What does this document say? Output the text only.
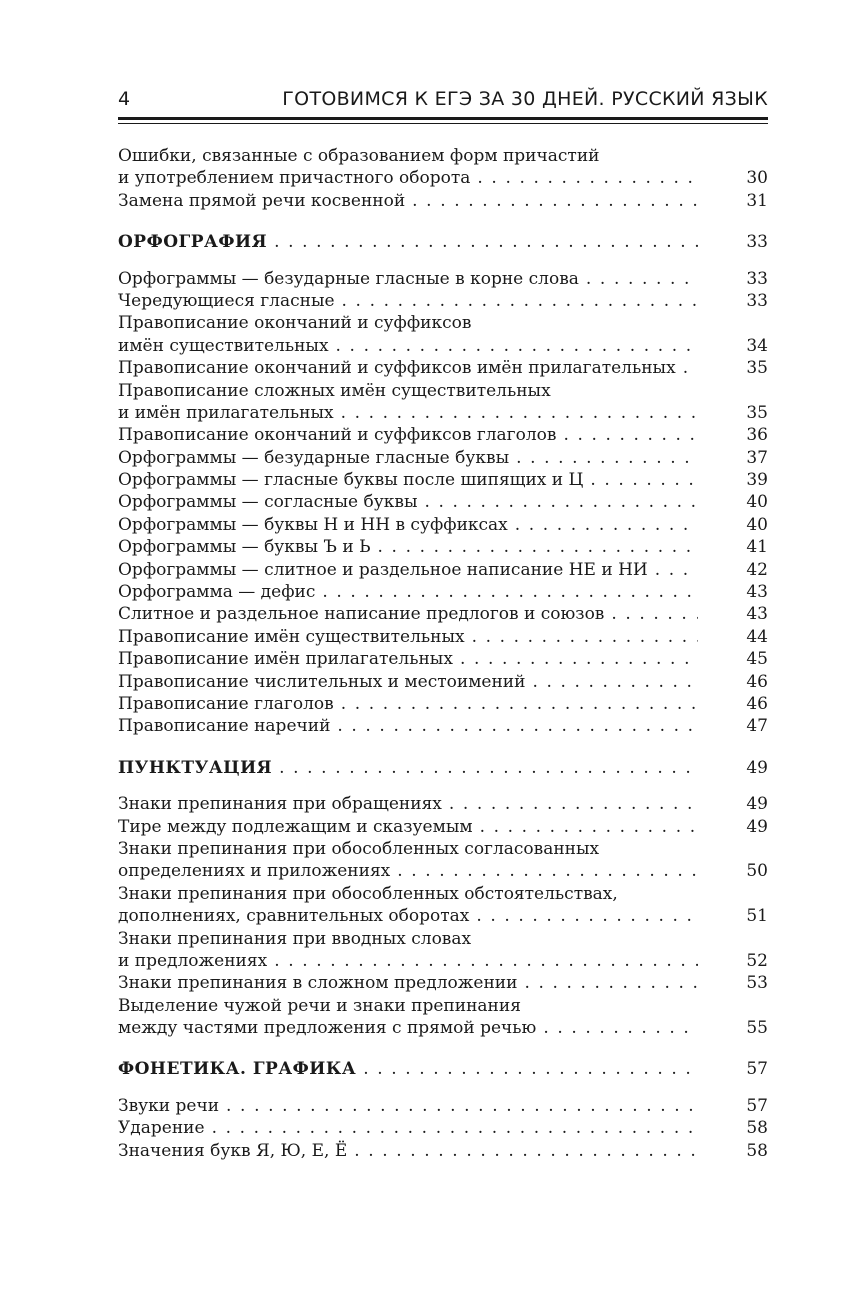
4	ГОТОВИМСЯ К ЕГЭ ЗА 30 ДНЕЙ. РУССКИЙ ЯЗЫК
Ошибки, связанные с образованием форм причастий
и употреблением причастного оборота . . .	30
Замена прямой речи косвенной . . .	31
ОРФОГРАФИЯ . . .	33
Орфограммы — безударные гласные в корне слова . . .	33
Чередующиеся гласные . . .	33
Правописание окончаний и суффиксов
имён существительных . . .	34
Правописание окончаний и суффиксов имён прилагательных . . .	35
Правописание сложных имён существительных
и имён прилагательных . . .	35
Правописание окончаний и суффиксов глаголов . . .	36
Орфограммы — безударные гласные буквы . . .	37
Орфограммы — гласные буквы после шипящих и Ц . . .	39
Орфограммы — согласные буквы . . .	40
Орфограммы — буквы Н и НН в суффиксах . . .	40
Орфограммы — буквы Ъ и Ь . . .	41
Орфограммы — слитное и раздельное написание НЕ и НИ . . .	42
Орфограмма — дефис . . .	43
Слитное и раздельное написание предлогов и союзов . . .	43
Правописание имён существительных . . .	44
Правописание имён прилагательных . . .	45
Правописание числительных и местоимений . . .	46
Правописание глаголов . . .	46
Правописание наречий . . .	47
ПУНКТУАЦИЯ . . .	49
Знаки препинания при обращениях . . .	49
Тире между подлежащим и сказуемым . . .	49
Знаки препинания при обособленных согласованных
определениях и приложениях . . .	50
Знаки препинания при обособленных обстоятельствах,
дополнениях, сравнительных оборотах . . .	51
Знаки препинания при вводных словах
и предложениях . . .	52
Знаки препинания в сложном предложении . . .	53
Выделение чужой речи и знаки препинания
между частями предложения с прямой речью . . .	55
ФОНЕТИКА. ГРАФИКА . . .	57
Звуки речи . . .	57
Ударение . . .	58
Значения букв Я, Ю, Е, Ё . . .	58
